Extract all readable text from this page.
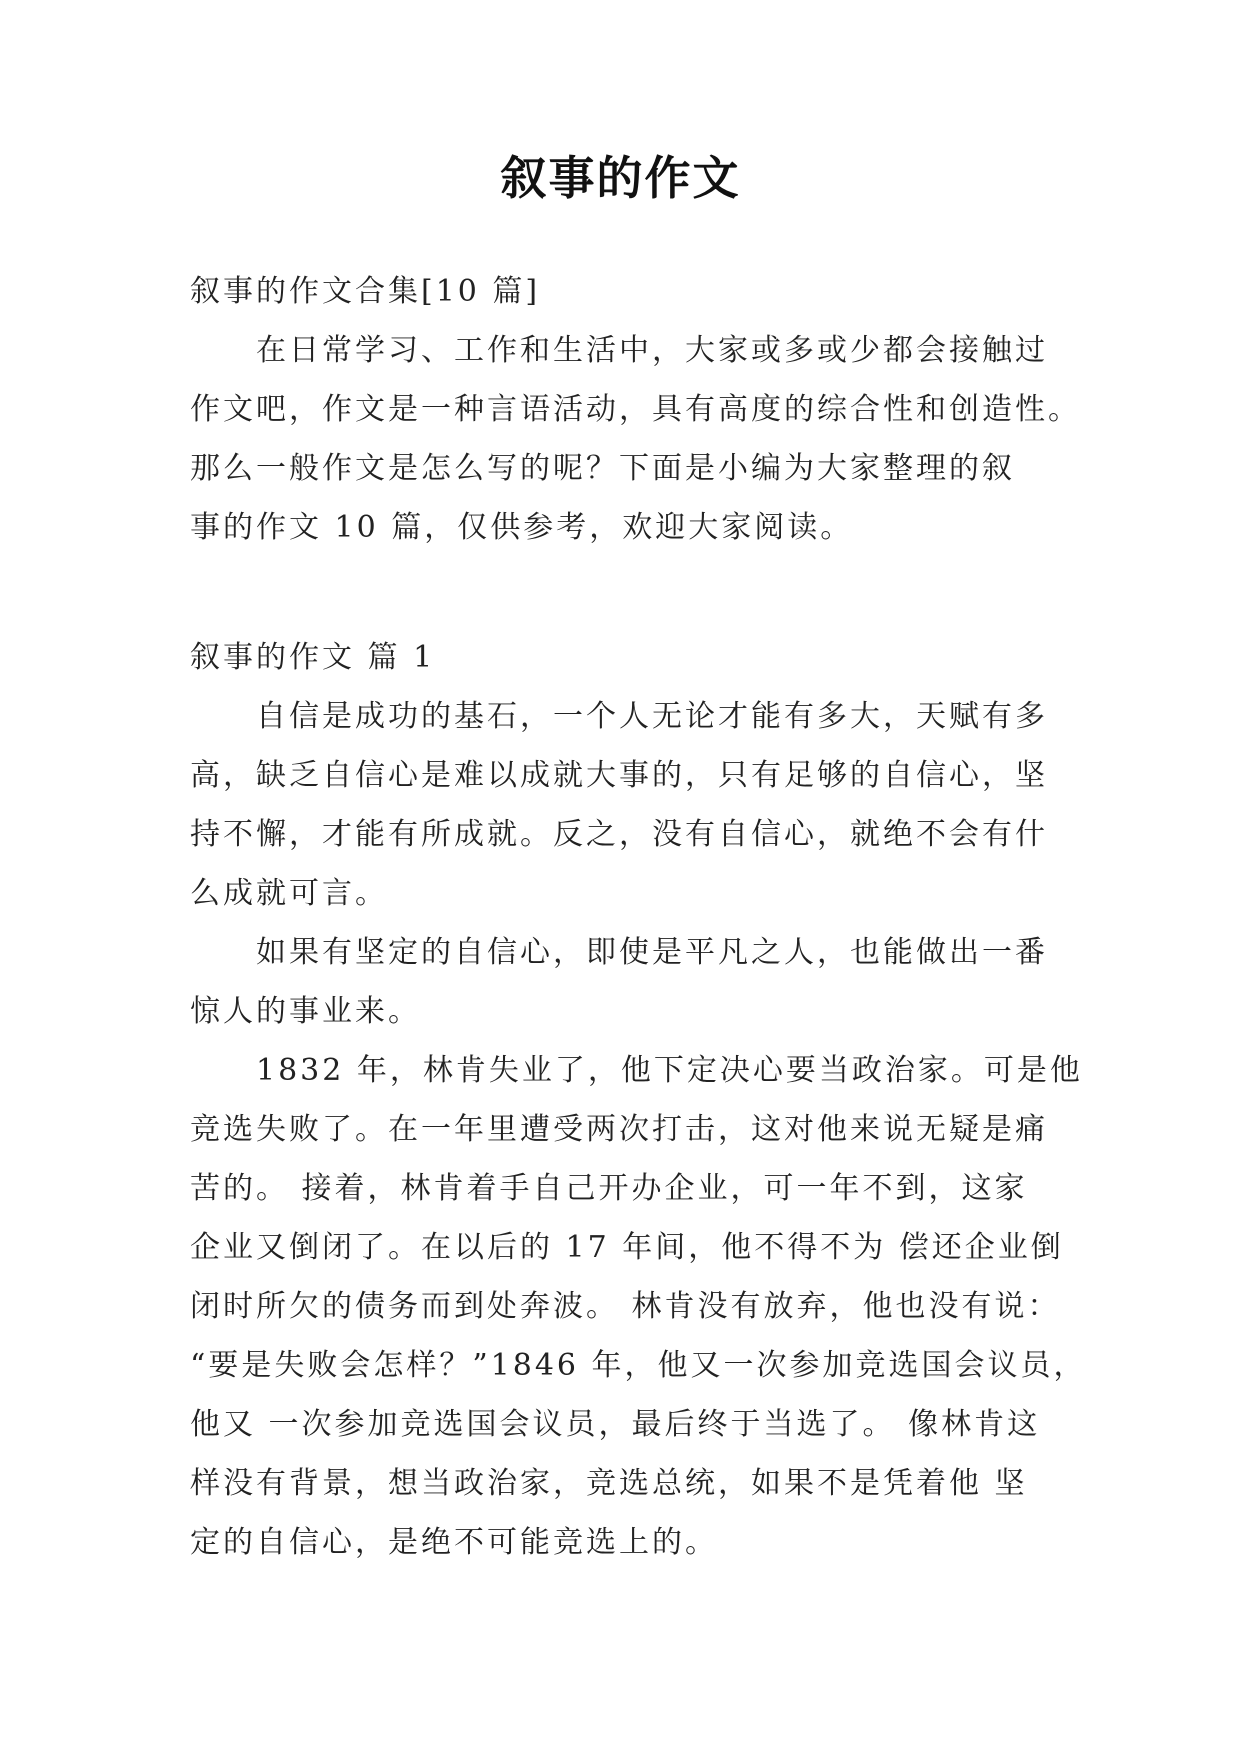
叙事的作文
叙事的作文合集[10 篇]
在日常学习、工作和生活中，大家或多或少都会接触过
作文吧，作文是一种言语活动，具有高度的综合性和创造性。
那么一般作文是怎么写的呢？下面是小编为大家整理的叙
事的作文 10 篇，仅供参考，欢迎大家阅读。
叙事的作文 篇 1
自信是成功的基石，一个人无论才能有多大，天赋有多
高，缺乏自信心是难以成就大事的，只有足够的自信心，坚
持不懈，才能有所成就。反之，没有自信心，就绝不会有什
么成就可言。
如果有坚定的自信心，即使是平凡之人，也能做出一番
惊人的事业来。
1832 年，林肯失业了，他下定决心要当政治家。可是他
竞选失败了。在一年里遭受两次打击，这对他来说无疑是痛
苦的。 接着，林肯着手自己开办企业，可一年不到，这家
企业又倒闭了。在以后的 17 年间，他不得不为 偿还企业倒
闭时所欠的债务而到处奔波。 林肯没有放弃，他也没有说：
“要是失败会怎样？”1846 年，他又一次参加竞选国会议员，
他又 一次参加竞选国会议员，最后终于当选了。 像林肯这
样没有背景，想当政治家，竞选总统，如果不是凭着他 坚
定的自信心，是绝不可能竞选上的。
